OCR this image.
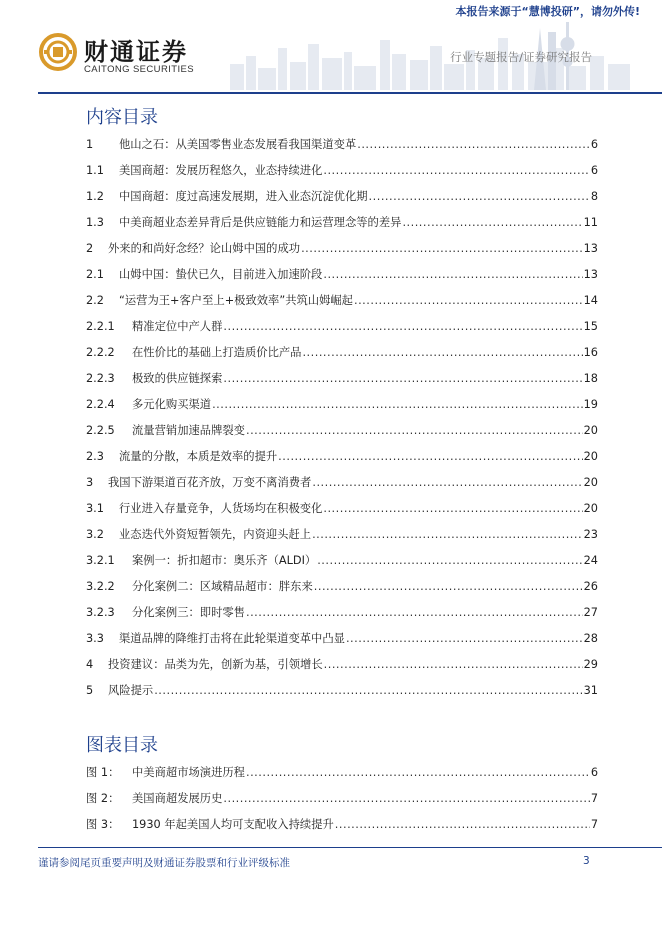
本报告来源于“慧博投研”，请勿外传!
财通证券
CAITONG SECURITIES
行业专题报告/证券研究报告
内容目录
1	他山之石：从美国零售业态发展看我国渠道变革 .....	6
1.1	美国商超：发展历程悠久，业态持续进化 .....	6
1.2	中国商超：度过高速发展期，进入业态沉淀优化期 .....	8
1.3	中美商超业态差异背后是供应链能力和运营理念等的差异 .....	11
2	外来的和尚好念经？论山姆中国的成功 .....	13
2.1	山姆中国：蛰伏已久，目前进入加速阶段 .....	13
2.2	“运营为王+客户至上+极致效率”共筑山姆崛起 .....	14
2.2.1	精准定位中产人群 .....	15
2.2.2	在性价比的基础上打造质价比产品 .....	16
2.2.3	极致的供应链探索 .....	18
2.2.4	多元化购买渠道 .....	19
2.2.5	流量营销加速品牌裂变 .....	20
2.3	流量的分散，本质是效率的提升 .....	20
3	我国下游渠道百花齐放，万变不离消费者 .....	20
3.1	行业进入存量竞争，人货场均在积极变化 .....	20
3.2	业态迭代外资短暂领先，内资迎头赶上 .....	23
3.2.1	案例一：折扣超市：奥乐齐（ALDI） .....	24
3.2.2	分化案例二：区域精品超市：胖东来 .....	26
3.2.3	分化案例三：即时零售 .....	27
3.3	渠道品牌的降维打击将在此轮渠道变革中凸显 .....	28
4	投资建议：品类为先，创新为基，引领增长 .....	29
5	风险提示 .....	31
图表目录
图 1：	中美商超市场演进历程 .....	6
图 2：	美国商超发展历史 .....	7
图 3：	1930 年起美国人均可支配收入持续提升 .....	7
谨请参阅尾页重要声明及财通证券股票和行业评级标准	3
